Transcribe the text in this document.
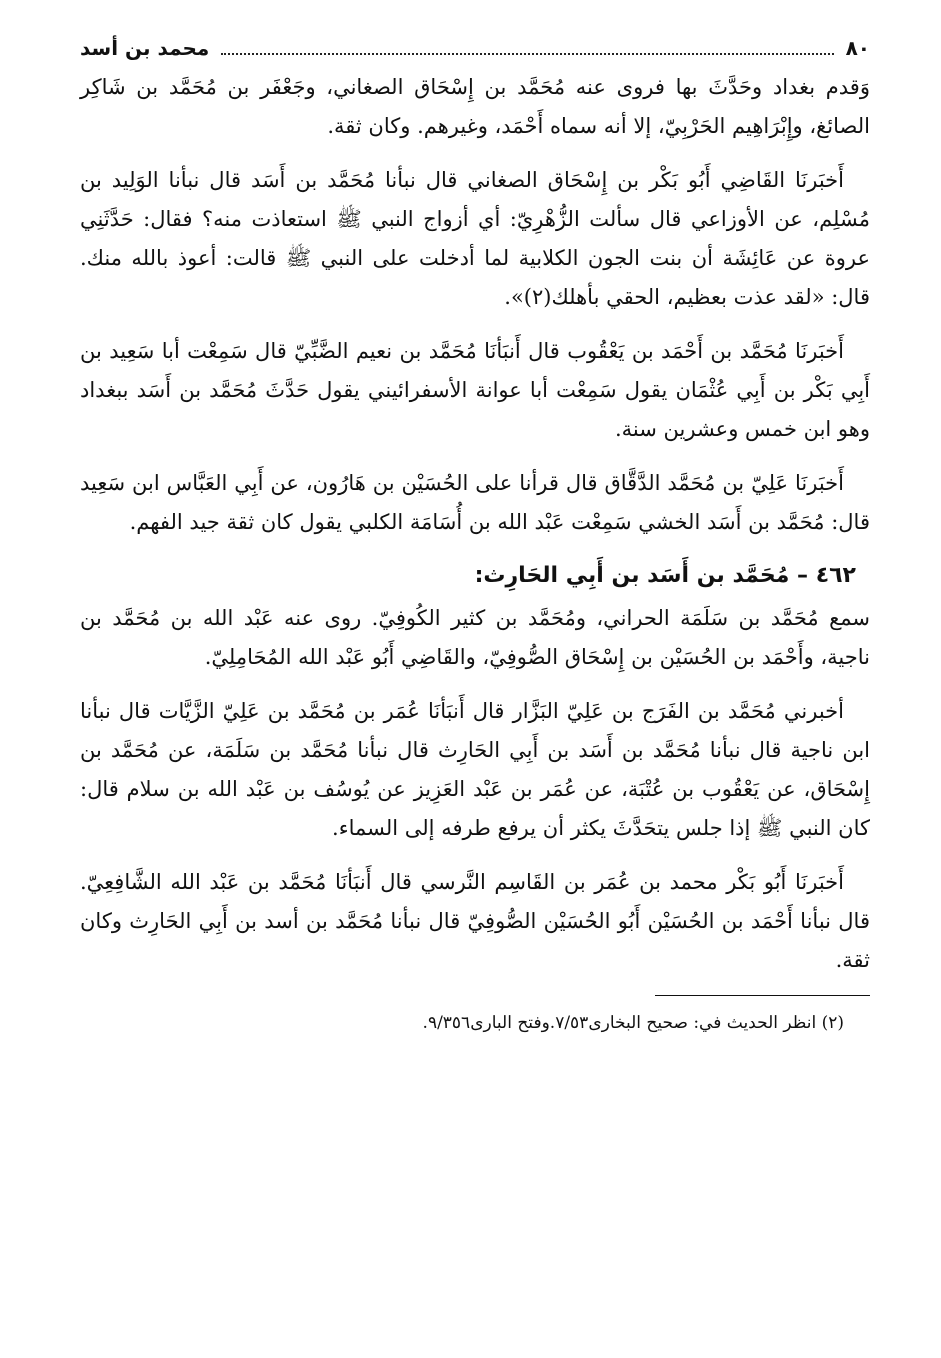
٨٠
محمد بن أسد

وَقدم بغداد وحَدَّثَ بها فروى عنه مُحَمَّد بن إِسْحَاق الصغاني، وجَعْفَر بن مُحَمَّد بن شَاكِر الصائغ، وإِبْرَاهِيم الحَرْبِيّ، إلا أنه سماه أَحْمَد، وغيرهم. وكان ثقة.

أَخبَرنَا القَاضِي أَبُو بَكْر بن إِسْحَاق الصغاني قال نبأنا مُحَمَّد بن أَسَد قال نبأنا الوَلِيد بن مُسْلِم، عن الأوزاعي قال سألت الزُّهْرِيّ: أي أزواج النبي ﷺ استعاذت منه؟ فقال: حَدَّثَنِي عروة عن عَائِشَة أن بنت الجون الكلابية لما أدخلت على النبي ﷺ قالت: أعوذ بالله منك. قال: «لقد عذت بعظيم، الحقي بأهلك(٢)».

أَخبَرنَا مُحَمَّد بن أَحْمَد بن يَعْقُوب قال أَنبَأنَا مُحَمَّد بن نعيم الضَّبِّيّ قال سَمِعْت أبا سَعِيد بن أَبِي بَكْر بن أَبِي عُثْمَان يقول سَمِعْت أبا عوانة الأسفرائيني يقول حَدَّثَ مُحَمَّد بن أَسَد ببغداد وهو ابن خمس وعشرين سنة.

أَخبَرنَا عَلِيّ بن مُحَمَّد الدَّقَّاق قال قرأنا على الحُسَيْن بن هَارُون، عن أَبِي العَبَّاس ابن سَعِيد قال: مُحَمَّد بن أَسَد الخشي سَمِعْت عَبْد الله بن أُسَامَة الكلبي يقول كان ثقة جيد الفهم.

٤٦٢ – مُحَمَّد بن أَسَد بن أَبِي الحَارِث:

سمع مُحَمَّد بن سَلَمَة الحراني، ومُحَمَّد بن كثير الكُوفِيّ. روى عنه عَبْد الله بن مُحَمَّد بن ناجية، وأَحْمَد بن الحُسَيْن بن إِسْحَاق الصُّوفِيّ، والقَاضِي أَبُو عَبْد الله المُحَامِلِيّ.

أخبرني مُحَمَّد بن الفَرَج بن عَلِيّ البَزَّار قال أَنبَأنَا عُمَر بن مُحَمَّد بن عَلِيّ الزَّيَّات قال نبأنا ابن ناجية قال نبأنا مُحَمَّد بن أَسَد بن أَبِي الحَارِث قال نبأنا مُحَمَّد بن سَلَمَة، عن مُحَمَّد بن إِسْحَاق، عن يَعْقُوب بن عُتْبَة، عن عُمَر بن عَبْد العَزِيز عن يُوسُف بن عَبْد الله بن سلام قال: كان النبي ﷺ إذا جلس يتحَدَّثَ يكثر أن يرفع طرفه إلى السماء.

أَخبَرنَا أَبُو بَكْر محمد بن عُمَر بن القَاسِم النَّرسي قال أَنبَأنَا مُحَمَّد بن عَبْد الله الشَّافِعِيّ. قال نبأنا أَحْمَد بن الحُسَيْن أَبُو الحُسَيْن الصُّوفِيّ قال نبأنا مُحَمَّد بن أسد بن أَبِي الحَارِث وكان ثقة.

(٢) انظر الحديث في: صحيح البخارى٧/٥٣.وفتح البارى٩/٣٥٦.
